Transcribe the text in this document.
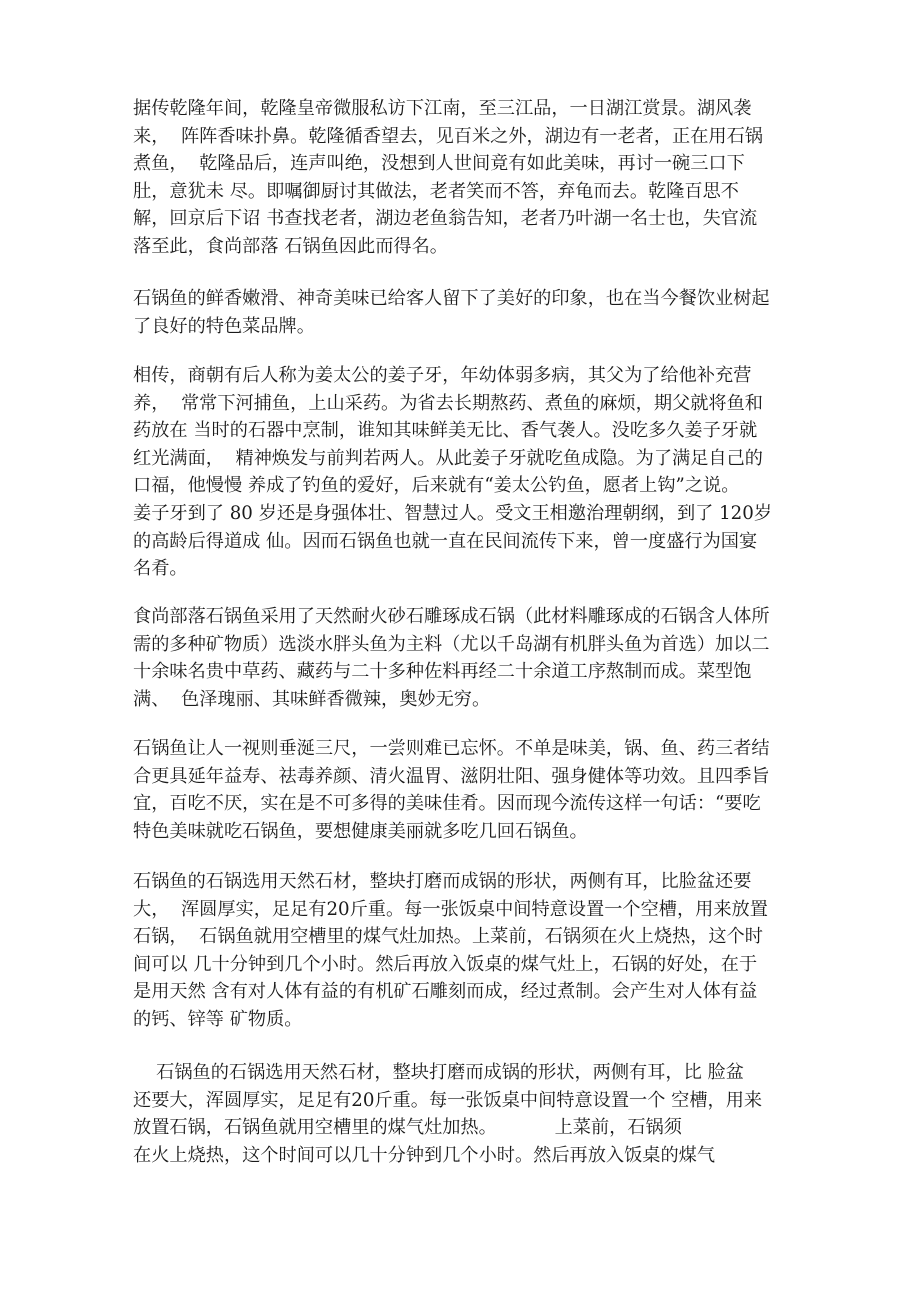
据传乾隆年间，乾隆皇帝微服私访下江南，至三江品，一日湖江赏景。湖风袭
来，  阵阵香味扑鼻。乾隆循香望去，见百米之外，湖边有一老者，正在用石锅
煮鱼，  乾隆品后，连声叫绝，没想到人世间竟有如此美味，再讨一碗三口下
肚，意犹未 尽。即嘱御厨讨其做法，老者笑而不答，弃龟而去。乾隆百思不
解，回京后下诏 书查找老者，湖边老鱼翁告知，老者乃叶湖一名士也，失官流
落至此，食尚部落 石锅鱼因此而得名。
石锅鱼的鲜香嫩滑、神奇美味已给客人留下了美好的印象，也在当今餐饮业树起
了良好的特色菜品牌。
相传，商朝有后人称为姜太公的姜子牙，年幼体弱多病，其父为了给他补充营
养，  常常下河捕鱼，上山采药。为省去长期熬药、煮鱼的麻烦，期父就将鱼和
药放在 当时的石器中烹制，谁知其味鲜美无比、香气袭人。没吃多久姜子牙就
红光满面，  精神焕发与前判若两人。从此姜子牙就吃鱼成隐。为了满足自己的
口福，他慢慢 养成了钓鱼的爱好，后来就有“姜太公钓鱼，愿者上钩”之说。
姜子牙到了 80 岁还是身强体壮、智慧过人。受文王相邀治理朝纲，到了 120岁
的高龄后得道成 仙。因而石锅鱼也就一直在民间流传下来，曾一度盛行为国宴
名肴。
食尚部落石锅鱼采用了天然耐火砂石雕琢成石锅（此材料雕琢成的石锅含人体所
需的多种矿物质）选淡水胖头鱼为主料（尤以千岛湖有机胖头鱼为首选）加以二
十余味名贵中草药、藏药与二十多种佐料再经二十余道工序熬制而成。菜型饱
满、  色泽瑰丽、其味鲜香微辣，奥妙无穷。
石锅鱼让人一视则垂涎三尺，一尝则难已忘怀。不单是味美，锅、鱼、药三者结
合更具延年益寿、祛毒养颜、清火温胃、滋阴壮阳、强身健体等功效。且四季旨
宜，百吃不厌，实在是不可多得的美味佳肴。因而现今流传这样一句话：“要吃
特色美味就吃石锅鱼，要想健康美丽就多吃几回石锅鱼。
石锅鱼的石锅选用天然石材，整块打磨而成锅的形状，两侧有耳，比脸盆还要
大，  浑圆厚实，足足有20斤重。每一张饭桌中间特意设置一个空槽，用来放置
石锅，  石锅鱼就用空槽里的煤气灶加热。上菜前，石锅须在火上烧热，这个时
间可以 几十分钟到几个小时。然后再放入饭桌的煤气灶上，石锅的好处，在于
是用天然 含有对人体有益的有机矿石雕刻而成，经过煮制。会产生对人体有益
的钙、锌等 矿物质。
石锅鱼的石锅选用天然石材，整块打磨而成锅的形状，两侧有耳，比 脸盆
还要大，浑圆厚实，足足有20斤重。每一张饭桌中间特意设置一个 空槽，用来
放置石锅，石锅鱼就用空槽里的煤气灶加热。          上菜前，石锅须
在火上烧热，这个时间可以几十分钟到几个小时。然后再放入饭桌的煤气
